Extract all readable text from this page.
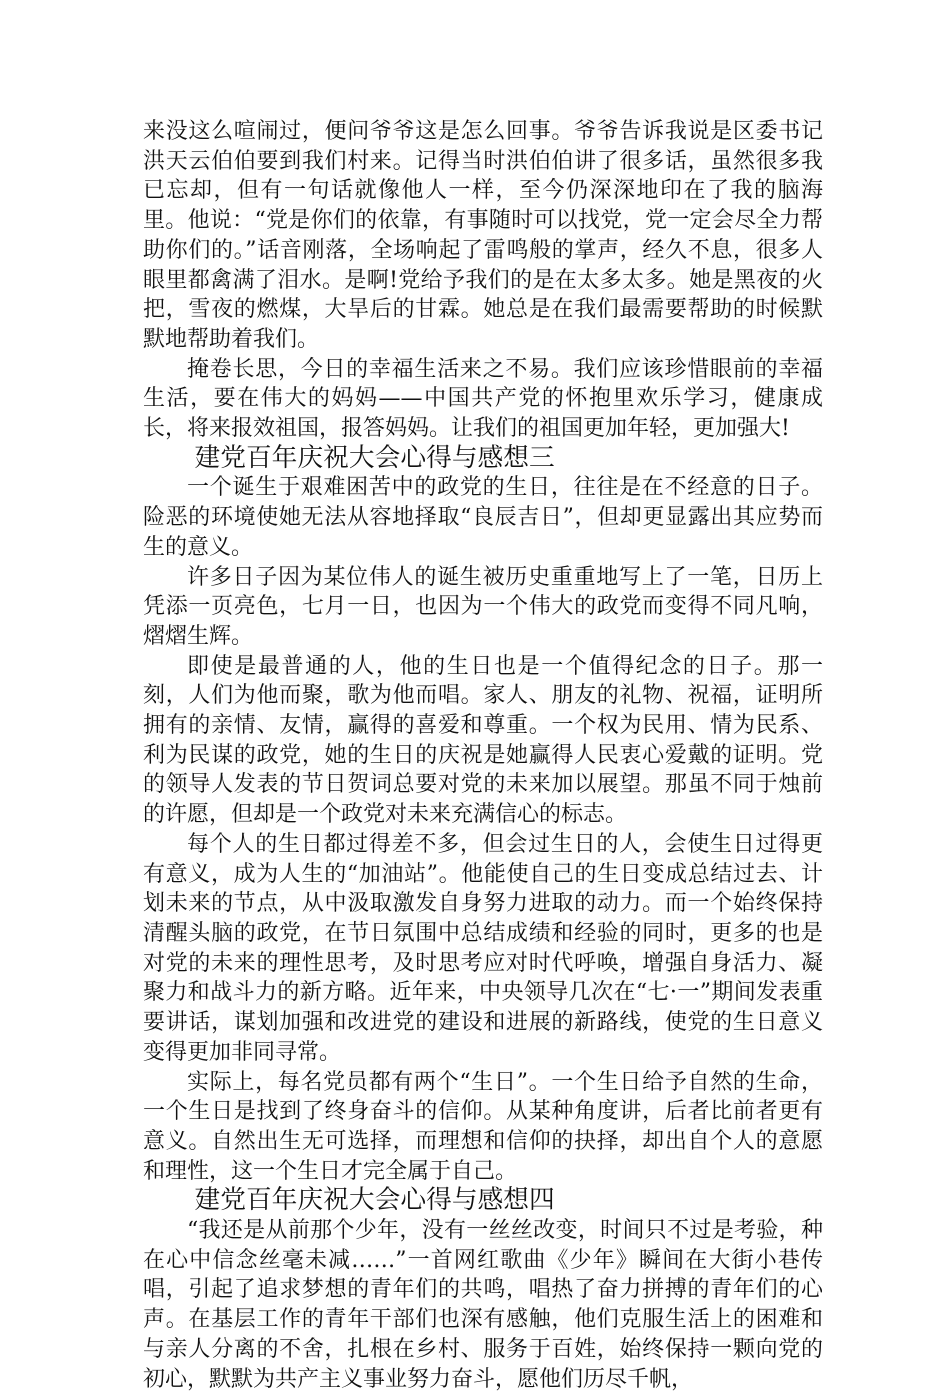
来没这么喧闹过，便问爷爷这是怎么回事。爷爷告诉我说是区委书记洪天云伯伯要到我们村来。记得当时洪伯伯讲了很多话，虽然很多我已忘却，但有一句话就像他人一样，至今仍深深地印在了我的脑海里。他说：“党是你们的依靠，有事随时可以找党，党一定会尽全力帮助你们的。”话音刚落，全场响起了雷鸣般的掌声，经久不息，很多人眼里都禽满了泪水。是啊!党给予我们的是在太多太多。她是黑夜的火把，雪夜的燃煤，大旱后的甘霖。她总是在我们最需要帮助的时候默默地帮助着我们。

掩卷长思，今日的幸福生活来之不易。我们应该珍惜眼前的幸福生活，要在伟大的妈妈——中国共产党的怀抱里欢乐学习，健康成长，将来报效祖国，报答妈妈。让我们的祖国更加年轻，更加强大!

建党百年庆祝大会心得与感想三

一个诞生于艰难困苦中的政党的生日，往往是在不经意的日子。险恶的环境使她无法从容地择取“良辰吉日”，但却更显露出其应势而生的意义。

许多日子因为某位伟人的诞生被历史重重地写上了一笔，日历上凭添一页亮色，七月一日，也因为一个伟大的政党而变得不同凡响，熠熠生辉。

即使是最普通的人，他的生日也是一个值得纪念的日子。那一刻，人们为他而聚，歌为他而唱。家人、朋友的礼物、祝福，证明所拥有的亲情、友情，赢得的喜爱和尊重。一个权为民用、情为民系、利为民谋的政党，她的生日的庆祝是她赢得人民衷心爱戴的证明。党的领导人发表的节日贺词总要对党的未来加以展望。那虽不同于烛前的许愿，但却是一个政党对未来充满信心的标志。

每个人的生日都过得差不多，但会过生日的人，会使生日过得更有意义，成为人生的“加油站”。他能使自己的生日变成总结过去、计划未来的节点，从中汲取激发自身努力进取的动力。而一个始终保持清醒头脑的政党，在节日氛围中总结成绩和经验的同时，更多的也是对党的未来的理性思考，及时思考应对时代呼唤，增强自身活力、凝聚力和战斗力的新方略。近年来，中央领导几次在“七·一”期间发表重要讲话，谋划加强和改进党的建设和进展的新路线，使党的生日意义变得更加非同寻常。

实际上，每名党员都有两个“生日”。一个生日给予自然的生命，一个生日是找到了终身奋斗的信仰。从某种角度讲，后者比前者更有意义。自然出生无可选择，而理想和信仰的抉择，却出自个人的意愿和理性，这一个生日才完全属于自己。

建党百年庆祝大会心得与感想四

“我还是从前那个少年，没有一丝丝改变，时间只不过是考验，种在心中信念丝毫未减……”一首网红歌曲《少年》瞬间在大街小巷传唱，引起了追求梦想的青年们的共鸣，唱热了奋力拼搏的青年们的心声。在基层工作的青年干部们也深有感触，他们克服生活上的困难和与亲人分离的不舍，扎根在乡村、服务于百姓，始终保持一颗向党的初心，默默为共产主义事业努力奋斗，愿他们历尽千帆，
